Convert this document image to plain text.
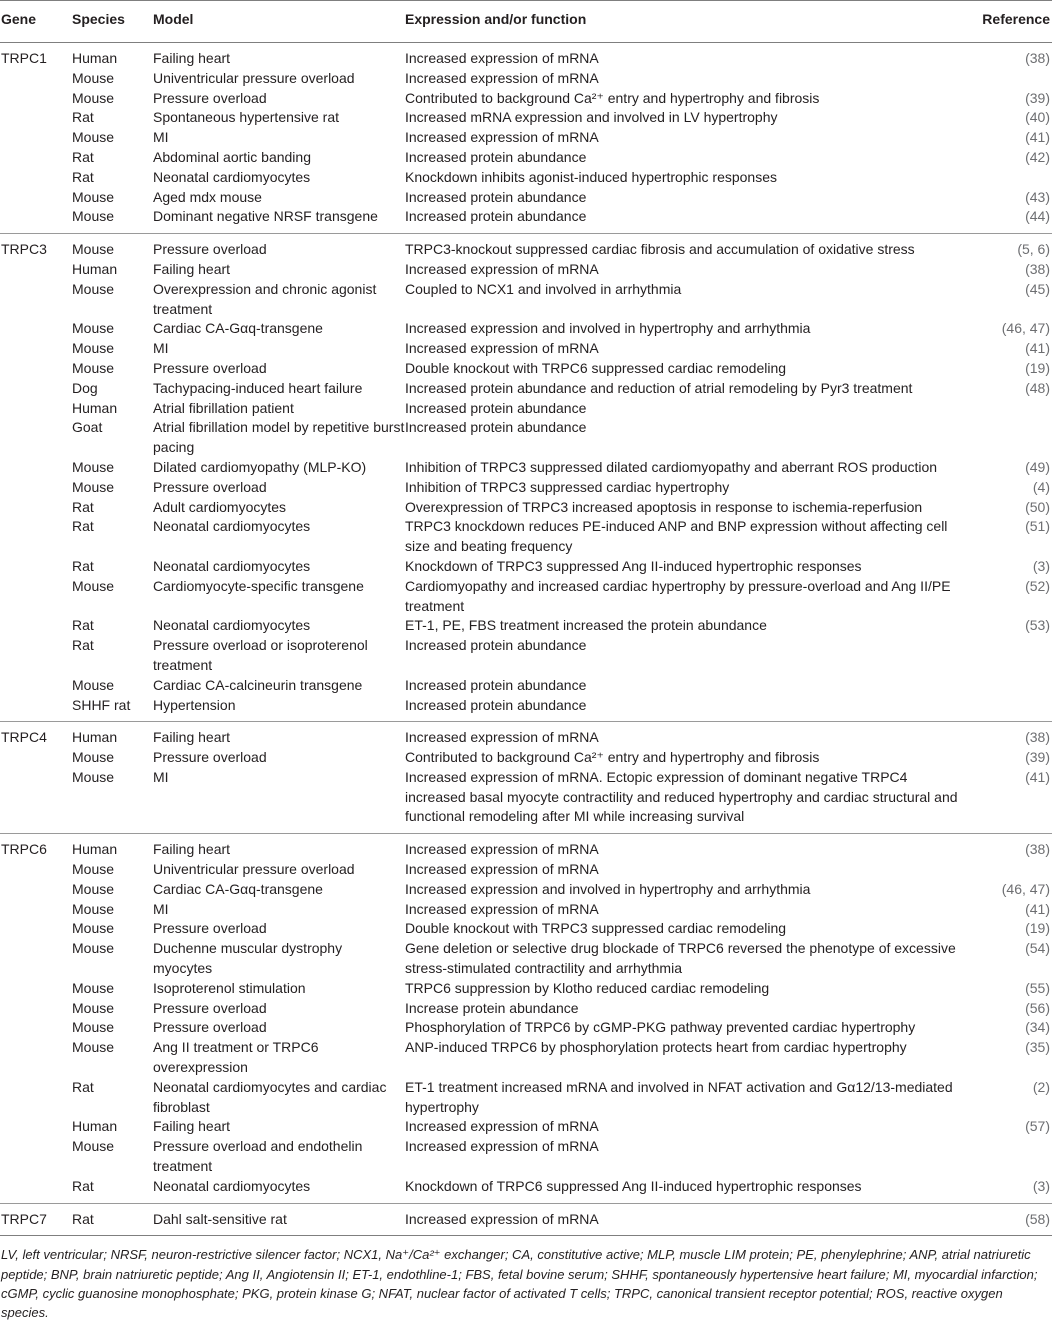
Gene	Species	Model	Expression and/or function	Reference
TRPC1	Human	Failing heart	Increased expression of mRNA	(38)
	Mouse	Univentricular pressure overload	Increased expression of mRNA	
	Mouse	Pressure overload	Contributed to background Ca²⁺ entry and hypertrophy and fibrosis	(39)
	Rat	Spontaneous hypertensive rat	Increased mRNA expression and involved in LV hypertrophy	(40)
	Mouse	MI	Increased expression of mRNA	(41)
	Rat	Abdominal aortic banding	Increased protein abundance	(42)
	Rat	Neonatal cardiomyocytes	Knockdown inhibits agonist-induced hypertrophic responses	
	Mouse	Aged mdx mouse	Increased protein abundance	(43)
	Mouse	Dominant negative NRSF transgene	Increased protein abundance	(44)
TRPC3	Mouse	Pressure overload	TRPC3-knockout suppressed cardiac fibrosis and accumulation of oxidative stress	(5, 6)
	Human	Failing heart	Increased expression of mRNA	(38)
	Mouse	Overexpression and chronic agonist treatment	Coupled to NCX1 and involved in arrhythmia	(45)
	Mouse	Cardiac CA-Gαq-transgene	Increased expression and involved in hypertrophy and arrhythmia	(46, 47)
	Mouse	MI	Increased expression of mRNA	(41)
	Mouse	Pressure overload	Double knockout with TRPC6 suppressed cardiac remodeling	(19)
	Dog	Tachypacing-induced heart failure	Increased protein abundance and reduction of atrial remodeling by Pyr3 treatment	(48)
	Human	Atrial fibrillation patient	Increased protein abundance	
	Goat	Atrial fibrillation model by repetitive burst pacing	Increased protein abundance	
	Mouse	Dilated cardiomyopathy (MLP-KO)	Inhibition of TRPC3 suppressed dilated cardiomyopathy and aberrant ROS production	(49)
	Mouse	Pressure overload	Inhibition of TRPC3 suppressed cardiac hypertrophy	(4)
	Rat	Adult cardiomyocytes	Overexpression of TRPC3 increased apoptosis in response to ischemia-reperfusion	(50)
	Rat	Neonatal cardiomyocytes	TRPC3 knockdown reduces PE-induced ANP and BNP expression without affecting cell size and beating frequency	(51)
	Rat	Neonatal cardiomyocytes	Knockdown of TRPC3 suppressed Ang II-induced hypertrophic responses	(3)
	Mouse	Cardiomyocyte-specific transgene	Cardiomyopathy and increased cardiac hypertrophy by pressure-overload and Ang II/PE treatment	(52)
	Rat	Neonatal cardiomyocytes	ET-1, PE, FBS treatment increased the protein abundance	(53)
	Rat	Pressure overload or isoproterenol treatment	Increased protein abundance	
	Mouse	Cardiac CA-calcineurin transgene	Increased protein abundance	
	SHHF rat	Hypertension	Increased protein abundance	
TRPC4	Human	Failing heart	Increased expression of mRNA	(38)
	Mouse	Pressure overload	Contributed to background Ca²⁺ entry and hypertrophy and fibrosis	(39)
	Mouse	MI	Increased expression of mRNA. Ectopic expression of dominant negative TRPC4 increased basal myocyte contractility and reduced hypertrophy and cardiac structural and functional remodeling after MI while increasing survival	(41)
TRPC6	Human	Failing heart	Increased expression of mRNA	(38)
	Mouse	Univentricular pressure overload	Increased expression of mRNA	
	Mouse	Cardiac CA-Gαq-transgene	Increased expression and involved in hypertrophy and arrhythmia	(46, 47)
	Mouse	MI	Increased expression of mRNA	(41)
	Mouse	Pressure overload	Double knockout with TRPC3 suppressed cardiac remodeling	(19)
	Mouse	Duchenne muscular dystrophy myocytes	Gene deletion or selective drug blockade of TRPC6 reversed the phenotype of excessive stress-stimulated contractility and arrhythmia	(54)
	Mouse	Isoproterenol stimulation	TRPC6 suppression by Klotho reduced cardiac remodeling	(55)
	Mouse	Pressure overload	Increase protein abundance	(56)
	Mouse	Pressure overload	Phosphorylation of TRPC6 by cGMP-PKG pathway prevented cardiac hypertrophy	(34)
	Mouse	Ang II treatment or TRPC6 overexpression	ANP-induced TRPC6 by phosphorylation protects heart from cardiac hypertrophy	(35)
	Rat	Neonatal cardiomyocytes and cardiac fibroblast	ET-1 treatment increased mRNA and involved in NFAT activation and Gα12/13-mediated hypertrophy	(2)
	Human	Failing heart	Increased expression of mRNA	(57)
	Mouse	Pressure overload and endothelin treatment	Increased expression of mRNA	
	Rat	Neonatal cardiomyocytes	Knockdown of TRPC6 suppressed Ang II-induced hypertrophic responses	(3)
TRPC7	Rat	Dahl salt-sensitive rat	Increased expression of mRNA	(58)
LV, left ventricular; NRSF, neuron-restrictive silencer factor; NCX1, Na⁺/Ca²⁺ exchanger; CA, constitutive active; MLP, muscle LIM protein; PE, phenylephrine; ANP, atrial natriuretic peptide; BNP, brain natriuretic peptide; Ang II, Angiotensin II; ET-1, endothline-1; FBS, fetal bovine serum; SHHF, spontaneously hypertensive heart failure; MI, myocardial infarction; cGMP, cyclic guanosine monophosphate; PKG, protein kinase G; NFAT, nuclear factor of activated T cells; TRPC, canonical transient receptor potential; ROS, reactive oxygen species.
